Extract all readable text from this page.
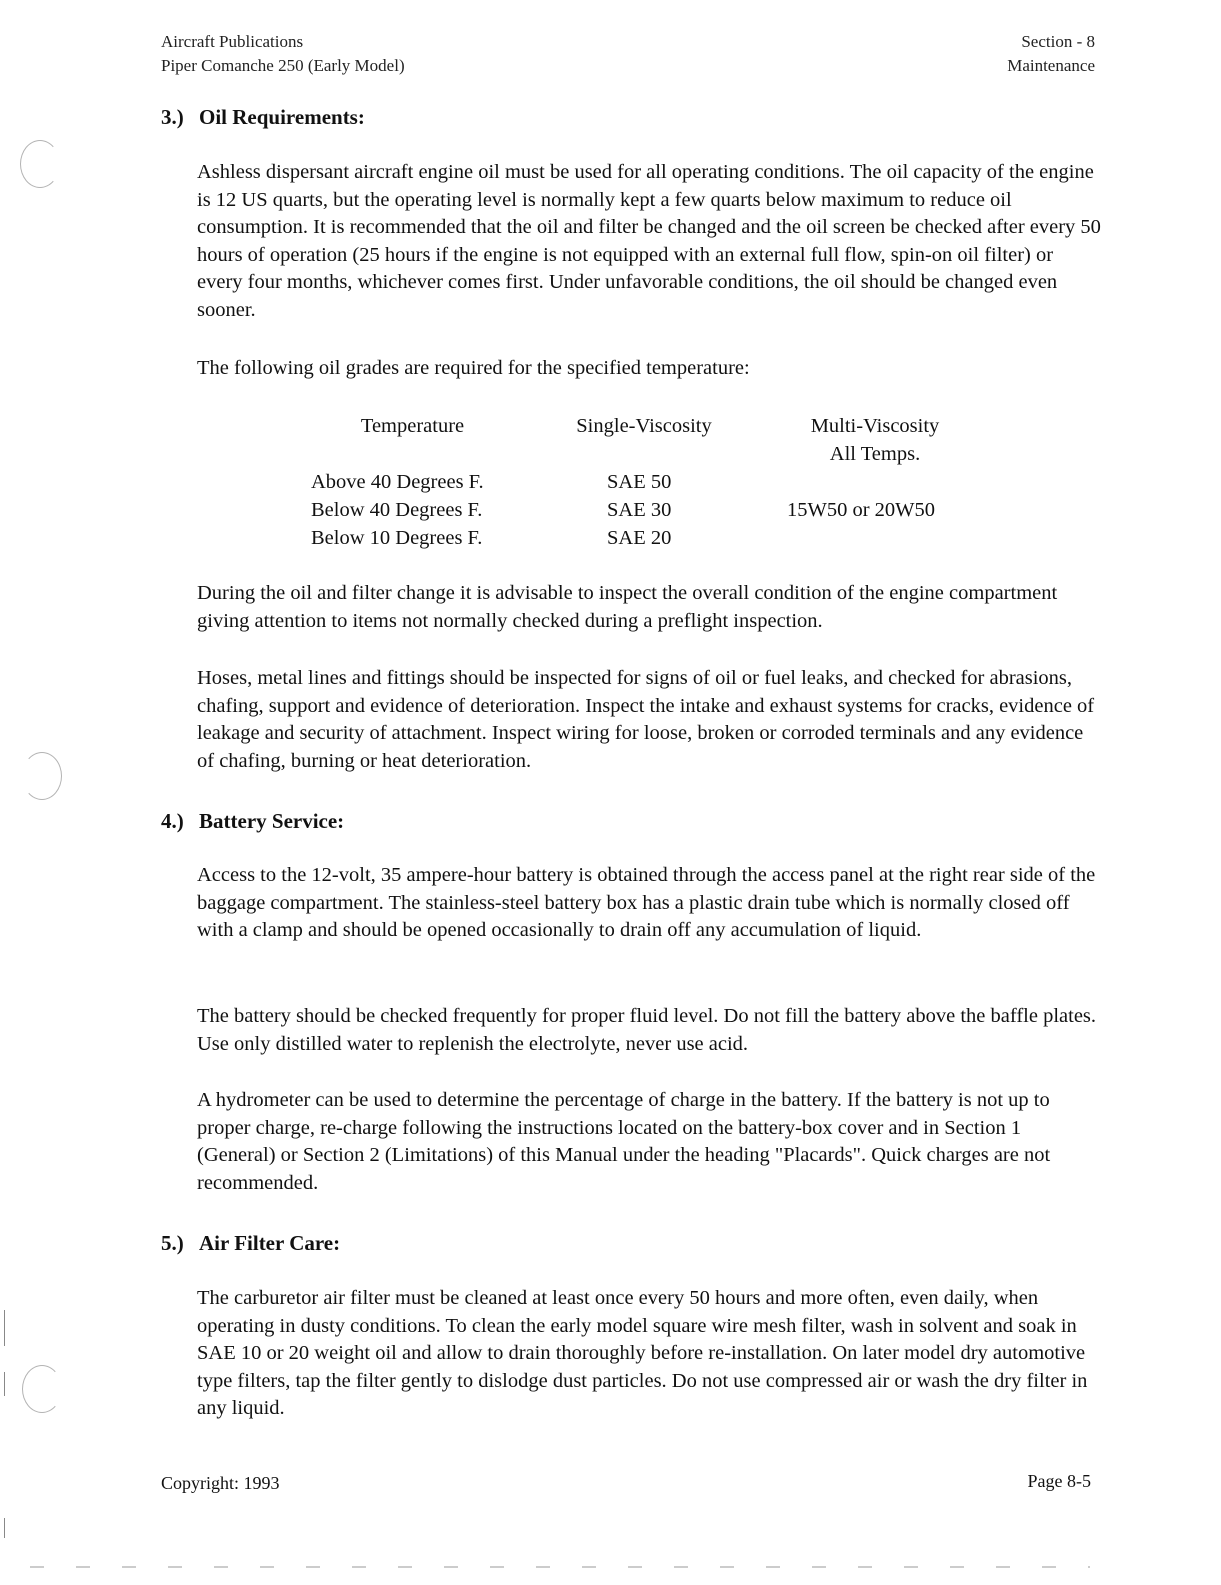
Aircraft Publications
Piper Comanche 250 (Early Model)
Section - 8
Maintenance
3.) Oil Requirements:

Ashless dispersant aircraft engine oil must be used for all operating conditions. The oil capacity of the engine is 12 US quarts, but the operating level is normally kept a few quarts below maximum to reduce oil consumption. It is recommended that the oil and filter be changed and the oil screen be checked after every 50 hours of operation (25 hours if the engine is not equipped with an external full flow, spin-on oil filter) or every four months, whichever comes first. Under unfavorable conditions, the oil should be changed even sooner.

The following oil grades are required for the specified temperature:

Temperature	Single-Viscosity	Multi-Viscosity
All Temps.
Above 40 Degrees F.	SAE 50
Below 40 Degrees F.	SAE 30	15W50 or 20W50
Below 10 Degrees F.	SAE 20

During the oil and filter change it is advisable to inspect the overall condition of the engine compartment giving attention to items not normally checked during a preflight inspection.

Hoses, metal lines and fittings should be inspected for signs of oil or fuel leaks, and checked for abrasions, chafing, support and evidence of deterioration. Inspect the intake and exhaust systems for cracks, evidence of leakage and security of attachment. Inspect wiring for loose, broken or corroded terminals and any evidence of chafing, burning or heat deterioration.

4.) Battery Service:

Access to the 12-volt, 35 ampere-hour battery is obtained through the access panel at the right rear side of the baggage compartment. The stainless-steel battery box has a plastic drain tube which is normally closed off with a clamp and should be opened occasionally to drain off any accumulation of liquid.

The battery should be checked frequently for proper fluid level. Do not fill the battery above the baffle plates. Use only distilled water to replenish the electrolyte, never use acid.

A hydrometer can be used to determine the percentage of charge in the battery. If the battery is not up to proper charge, re-charge following the instructions located on the battery-box cover and in Section 1 (General) or Section 2 (Limitations) of this Manual under the heading "Placards". Quick charges are not recommended.

5.) Air Filter Care:

The carburetor air filter must be cleaned at least once every 50 hours and more often, even daily, when operating in dusty conditions. To clean the early model square wire mesh filter, wash in solvent and soak in SAE 10 or 20 weight oil and allow to drain thoroughly before re-installation. On later model dry automotive type filters, tap the filter gently to dislodge dust particles. Do not use compressed air or wash the dry filter in any liquid.

Copyright: 1993	Page 8-5
